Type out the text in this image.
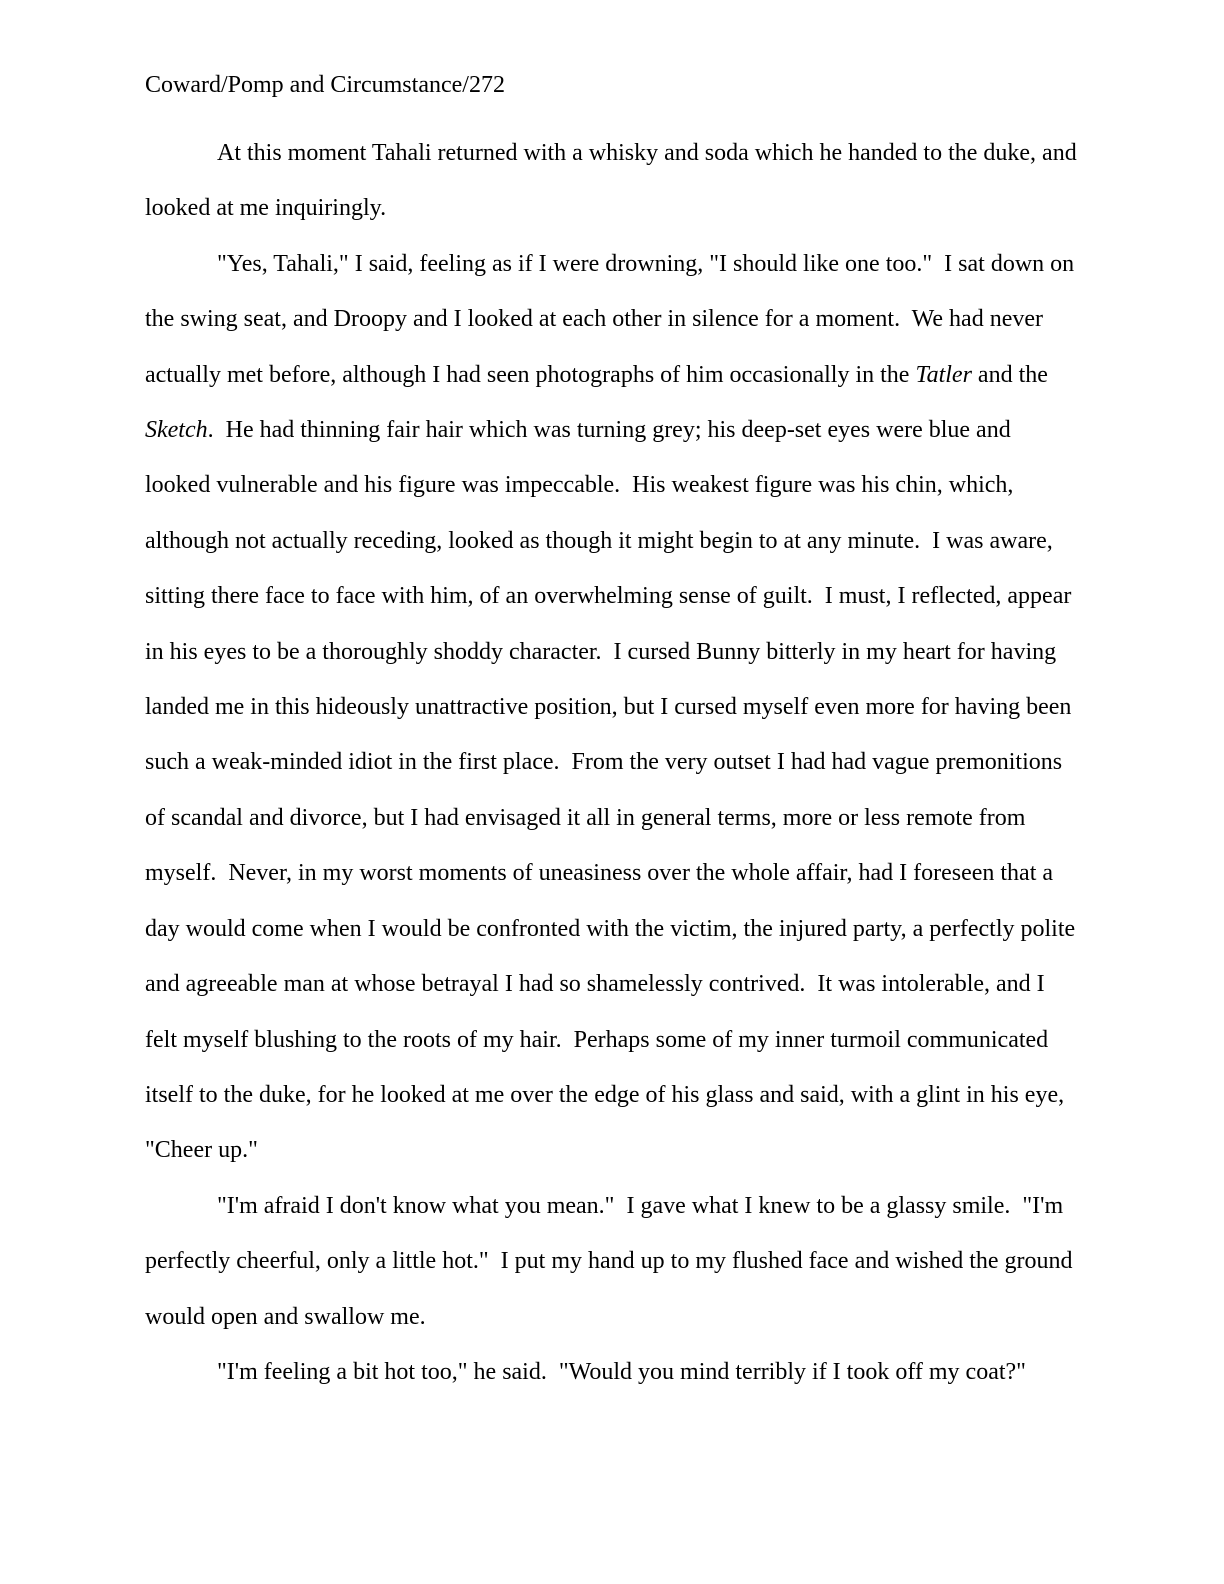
Coward/Pomp and Circumstance/272
At this moment Tahali returned with a whisky and soda which he handed to the duke, and
looked at me inquiringly.
"Yes, Tahali," I said, feeling as if I were drowning, "I should like one too."  I sat down on
the swing seat, and Droopy and I looked at each other in silence for a moment.  We had never
actually met before, although I had seen photographs of him occasionally in the Tatler and the
Sketch.  He had thinning fair hair which was turning grey; his deep-set eyes were blue and
looked vulnerable and his figure was impeccable.  His weakest figure was his chin, which,
although not actually receding, looked as though it might begin to at any minute.  I was aware,
sitting there face to face with him, of an overwhelming sense of guilt.  I must, I reflected, appear
in his eyes to be a thoroughly shoddy character.  I cursed Bunny bitterly in my heart for having
landed me in this hideously unattractive position, but I cursed myself even more for having been
such a weak-minded idiot in the first place.  From the very outset I had had vague premonitions
of scandal and divorce, but I had envisaged it all in general terms, more or less remote from
myself.  Never, in my worst moments of uneasiness over the whole affair, had I foreseen that a
day would come when I would be confronted with the victim, the injured party, a perfectly polite
and agreeable man at whose betrayal I had so shamelessly contrived.  It was intolerable, and I
felt myself blushing to the roots of my hair.  Perhaps some of my inner turmoil communicated
itself to the duke, for he looked at me over the edge of his glass and said, with a glint in his eye,
"Cheer up."
"I'm afraid I don't know what you mean."  I gave what I knew to be a glassy smile.  "I'm
perfectly cheerful, only a little hot."  I put my hand up to my flushed face and wished the ground
would open and swallow me.
"I'm feeling a bit hot too," he said.  "Would you mind terribly if I took off my coat?"
